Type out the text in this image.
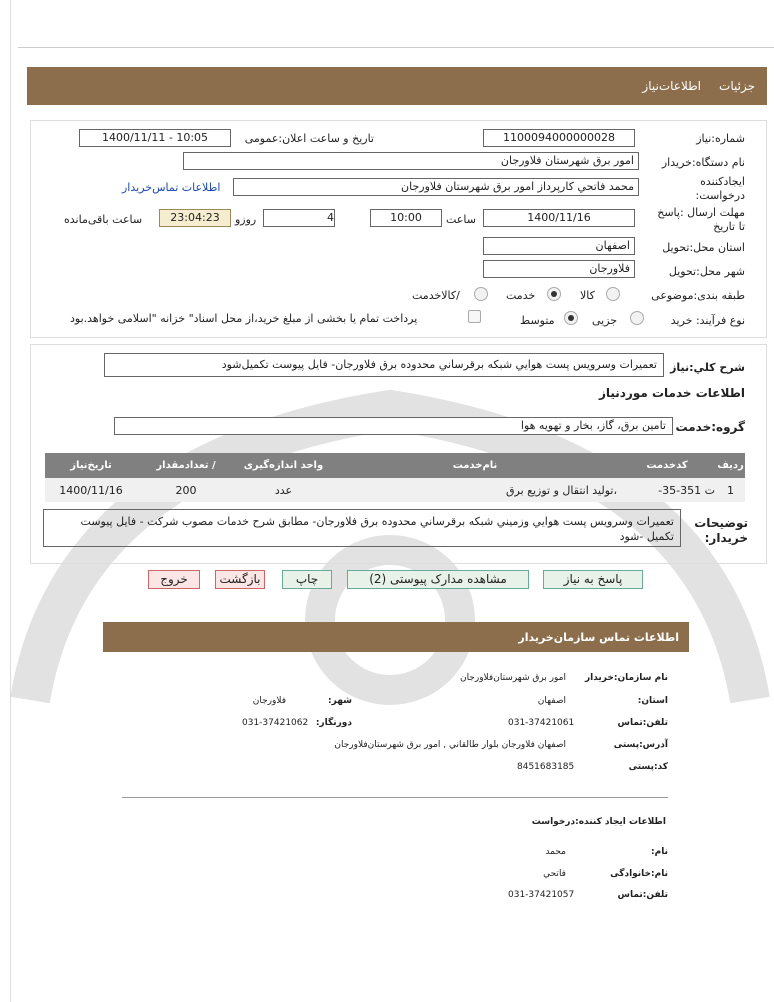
جزئیات
اطلاعات‌نیاز
شماره:نیاز
1100094000000028
تاریخ و ساعت اعلان:عمومی
1400/11/11 - 10:05
نام دستگاه:خریدار
امور برق شهرستان فلاورجان
ایجادکننده درخواست:
محمد فاتحي کارپرداز امور برق شهرستان فلاورجان
اطلاعات تماس‌خریدار
مهلت ارسال :پاسخ تا تاریخ
1400/11/16
ساعت
10:00
4
روزو
23:04:23
ساعت باقی‌مانده
استان محل:تحویل
اصفهان
شهر محل:تحویل
فلاورجان
طبقه بندی:موضوعی
کالا
خدمت
/کالاخدمت
نوع فرآیند: خرید
جزیی
متوسط
پرداخت تمام یا بخشی از مبلغ خرید،از محل اسناد" خزانه "اسلامی خواهد.بود
شرح کلي:نیاز
تعميرات وسرويس پست هوايي شبكه برقرساني محدوده برق فلاورجان- فایل پیوست تکمیل‌شود
اطلاعات خدمات موردنیاز
گروه:خدمت
تامین برق، گاز، بخار و تهویه هوا
ردیف	کدخدمت	نام‌خدمت	واحد اندازه‌گیری	/ تعدادمقدار	تاریخ‌نیاز
1	ت 351-35-	،تولید انتقال و توزیع برق	عدد	200	1400/11/16
توضیحات خریدار:
تعميرات وسرويس پست هوايي وزميني شبكه برقرساني محدوده برق فلاورجان- مطابق شرح خدمات مصوب شرکت - فایل پیوست تکمیل -شود
پاسخ به نیاز
مشاهده مدارک پیوستی (2)
چاپ
بازگشت
خروج
اطلاعات تماس سازمان‌خریدار
نام سازمان:خریدار
امور برق شهرستان‌فلاورجان
استان:
اصفهان
شهر:
فلاورجان
تلفن:تماس
031-37421061
دورنگار:
031-37421062
آدرس:پستی
اصفهان فلاورجان بلوار طالقاني , امور برق شهرستان‌فلاورجان
کد:پستی
8451683185
اطلاعات ایجاد کننده:درخواست
نام:
محمد
نام:خانوادگی
فاتحي
تلفن:تماس
031-37421057
